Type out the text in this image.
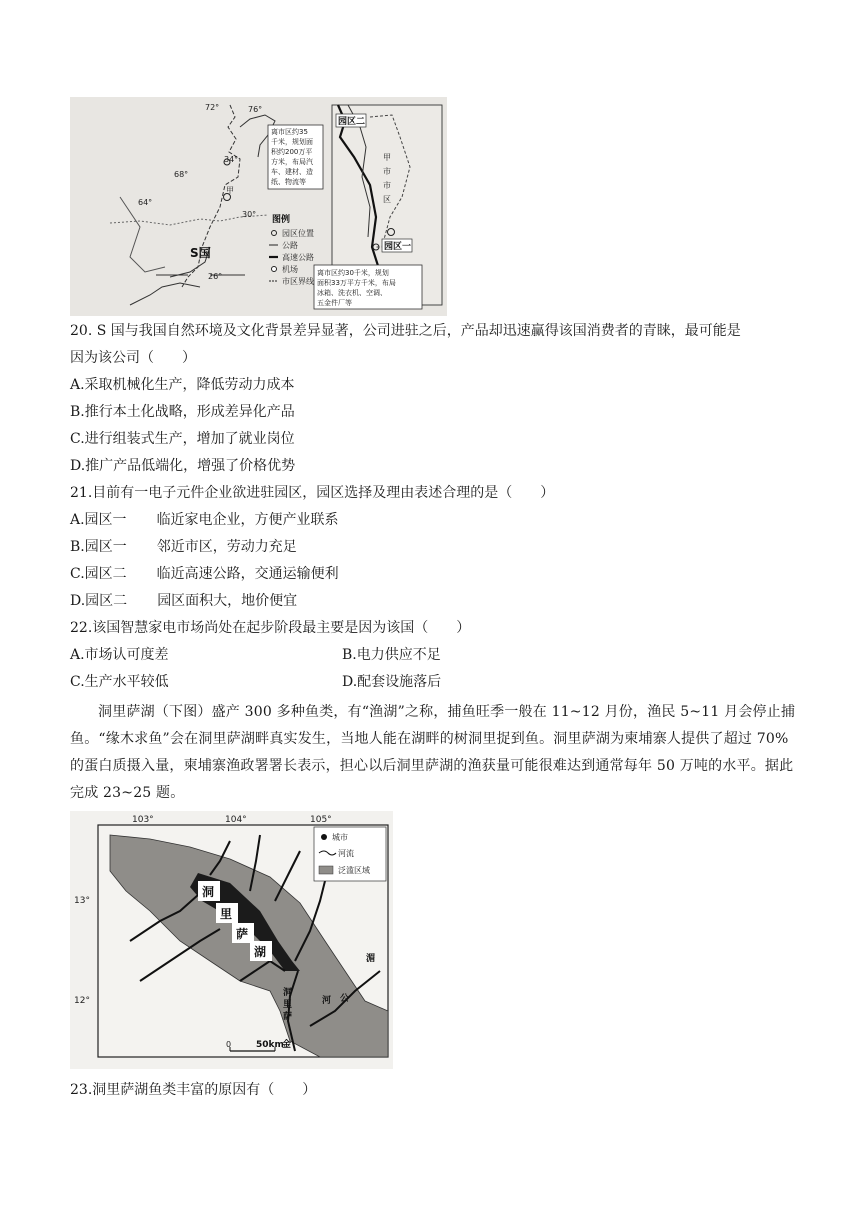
72°	76°
34°
68°
64°
30°
26°
S国
甲
离市区约35
千米，规划面
积约200万平
方米，布局汽
车、建材、造
纸、物流等
图例
园区位置
公路
高速公路
机场
市区界线
甲
市
市
区
园区二
园区一
离市区约30千米，规划
面积33万平方千米，布局
冰箱、洗衣机、空调、
五金件厂等
20. S 国与我国自然环境及文化背景差异显著，公司进驻之后，产品却迅速赢得该国消费者的青睐，最可能是
因为该公司（　　）
A.采取机械化生产，降低劳动力成本
B.推行本土化战略，形成差异化产品
C.进行组装式生产，增加了就业岗位
D.推广产品低端化，增强了价格优势
21.目前有一电子元件企业欲进驻园区，园区选择及理由表述合理的是（　　）
A.园区一 临近家电企业，方便产业联系
B.园区一 邻近市区，劳动力充足
C.园区二 临近高速公路，交通运输便利
D.园区二 园区面积大，地价便宜
22.该国智慧家电市场尚处在起步阶段最主要是因为该国（　　）
A.市场认可度差	B.电力供应不足
C.生产水平较低	D.配套设施落后
洞里萨湖（下图）盛产 300 多种鱼类，有“渔湖”之称，捕鱼旺季一般在 11~12 月份，渔民 5~11 月会停止捕鱼。“缘木求鱼”会在洞里萨湖畔真实发生，当地人能在湖畔的树洞里捉到鱼。洞里萨湖为柬埔寨人提供了超过 70%的蛋白质摄入量，柬埔寨渔政署署长表示，担心以后洞里萨湖的渔获量可能很难达到通常每年 50 万吨的水平。据此完成 23~25 题。
103°	104°	105°
13°
12°
洞
里
萨
湖
洞
里
萨
河
湄
公
城市
河流
泛滥区域
0	50km
金
23.洞里萨湖鱼类丰富的原因有（　　）
